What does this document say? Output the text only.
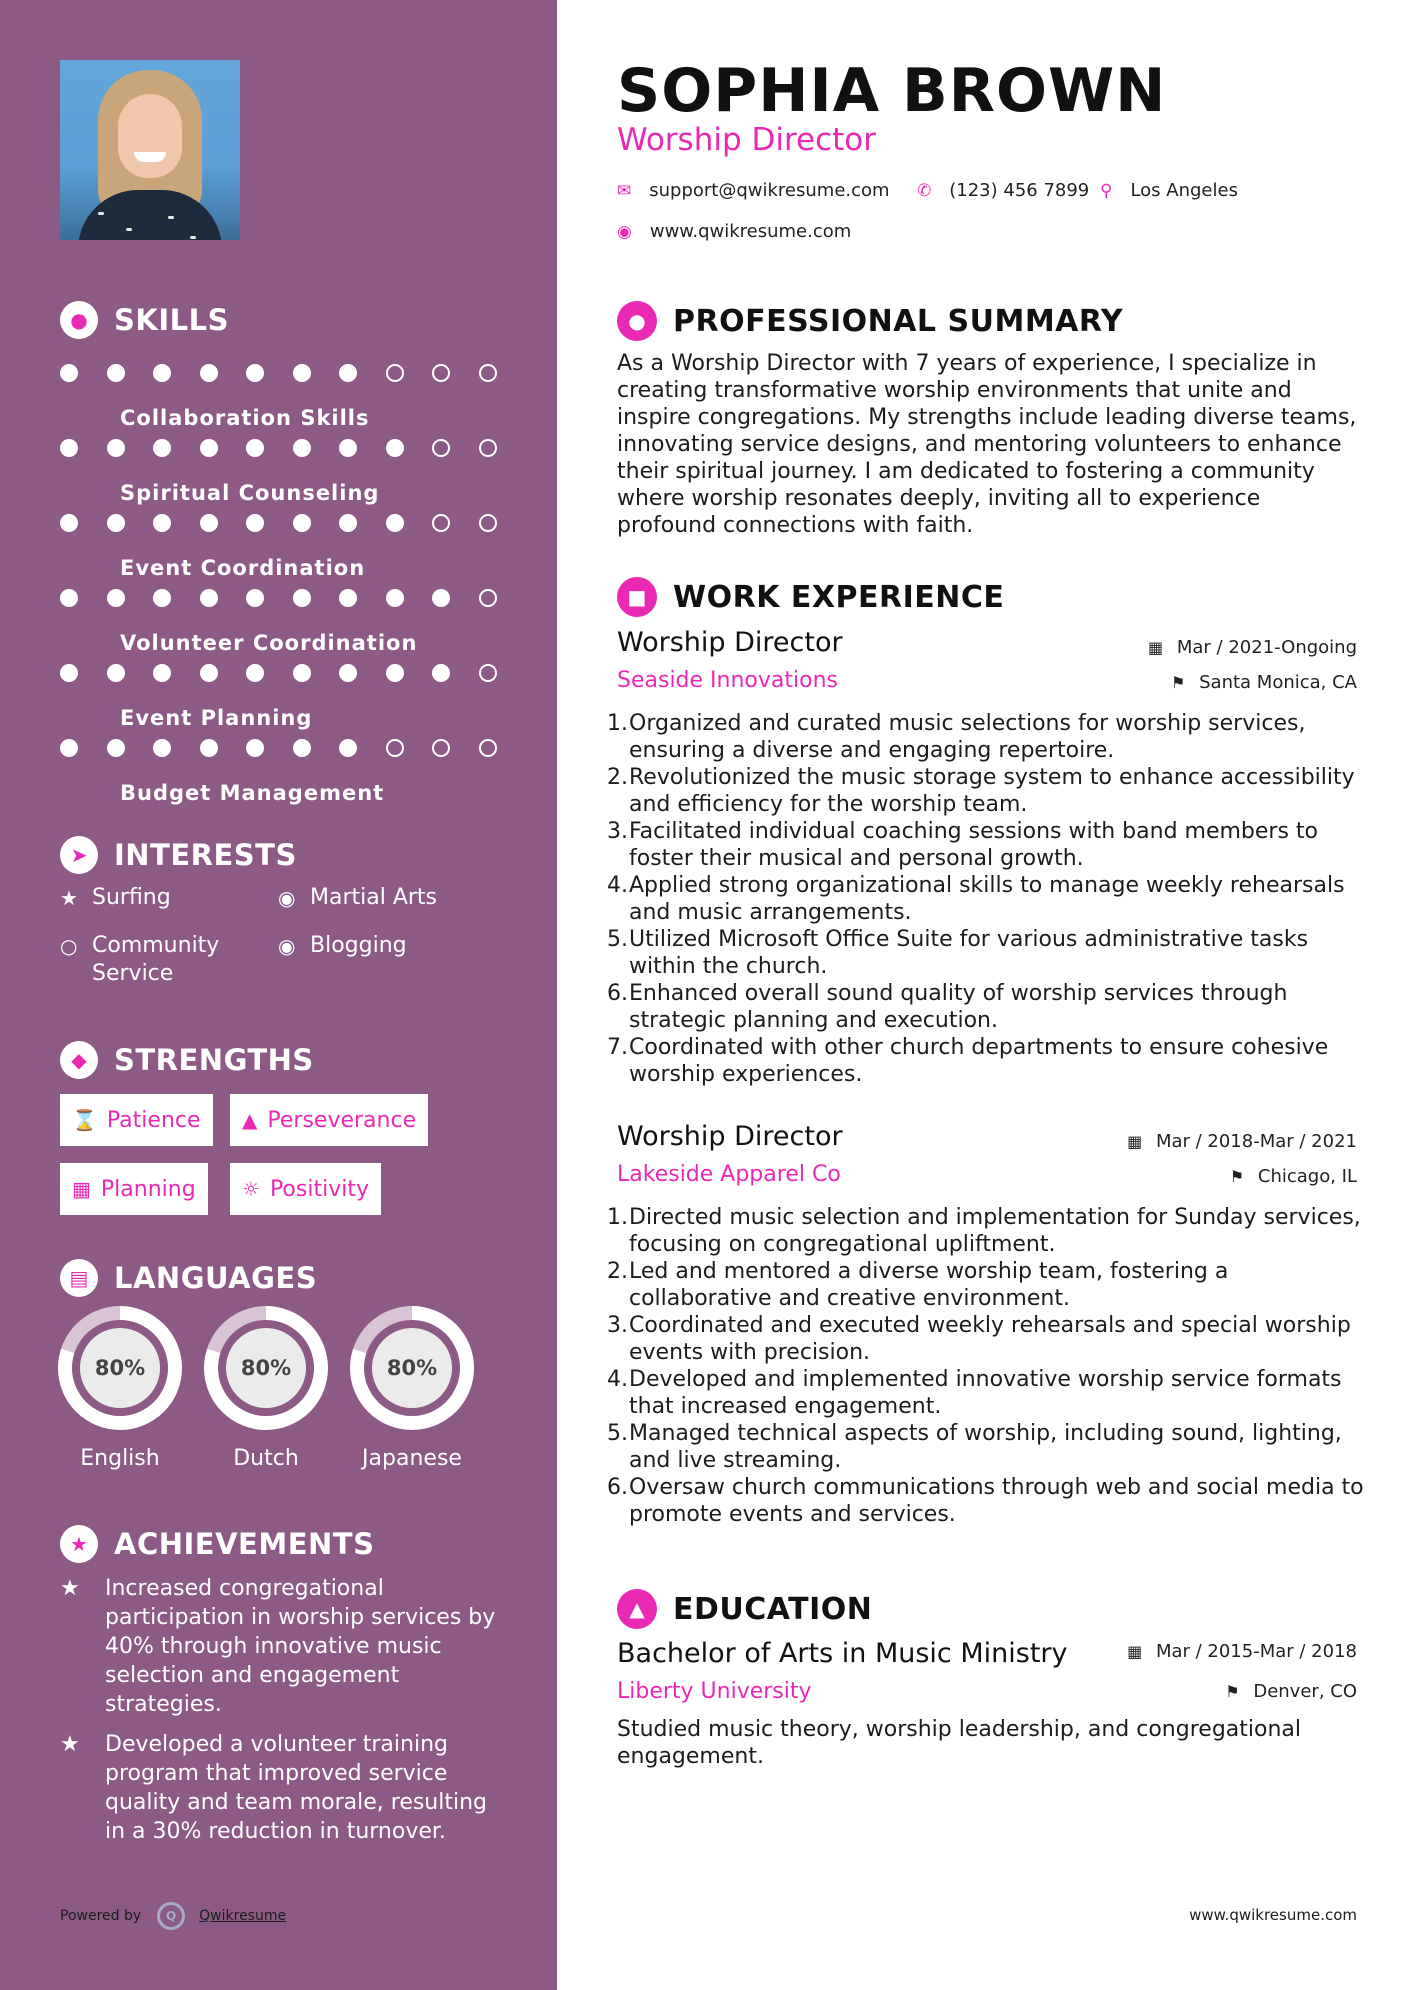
● SKILLS
Collaboration Skills
Spiritual Counseling
Event Coordination
Volunteer Coordination
Event Planning
Budget Management
➤ INTERESTS
★ Surfing	◉ Martial Arts
○ Community
Service
◉ Blogging
◆ STRENGTHS
⌛ Patience ▲ Perseverance
▦ Planning ☼ Positivity
▤ LANGUAGES
80%
English
80%
Dutch
80%
Japanese
★ ACHIEVEMENTS
★	Increased congregational participation in worship services by 40% through innovative music selection and engagement strategies.
★	Developed a volunteer training program that improved service quality and team morale, resulting in a 30% reduction in turnover.
Powered by	Q	Qwikresume
SOPHIA BROWN
Worship Director
✉ support@qwikresume.com ✆ (123) 456 7899 ⚲ Los Angeles
◉ www.qwikresume.com
● PROFESSIONAL SUMMARY
As a Worship Director with 7 years of experience, I specialize in creating transformative worship environments that unite and inspire congregations. My strengths include leading diverse teams, innovating service designs, and mentoring volunteers to enhance their spiritual journey. I am dedicated to fostering a community where worship resonates deeply, inviting all to experience profound connections with faith.
■ WORK EXPERIENCE
Worship Director	▦ Mar / 2021-Ongoing
Seaside Innovations	⚑ Santa Monica, CA
1. Organized and curated music selections for worship services, ensuring a diverse and engaging repertoire.
2. Revolutionized the music storage system to enhance accessibility and efficiency for the worship team.
3. Facilitated individual coaching sessions with band members to foster their musical and personal growth.
4. Applied strong organizational skills to manage weekly rehearsals and music arrangements.
5. Utilized Microsoft Office Suite for various administrative tasks within the church.
6. Enhanced overall sound quality of worship services through strategic planning and execution.
7. Coordinated with other church departments to ensure cohesive worship experiences.
Worship Director	▦ Mar / 2018-Mar / 2021
Lakeside Apparel Co	⚑ Chicago, IL
1. Directed music selection and implementation for Sunday services, focusing on congregational upliftment.
2. Led and mentored a diverse worship team, fostering a collaborative and creative environment.
3. Coordinated and executed weekly rehearsals and special worship events with precision.
4. Developed and implemented innovative worship service formats that increased engagement.
5. Managed technical aspects of worship, including sound, lighting, and live streaming.
6. Oversaw church communications through web and social media to promote events and services.
▲ EDUCATION
Bachelor of Arts in Music Ministry	▦ Mar / 2015-Mar / 2018
Liberty University	⚑ Denver, CO
Studied music theory, worship leadership, and congregational engagement.
www.qwikresume.com
